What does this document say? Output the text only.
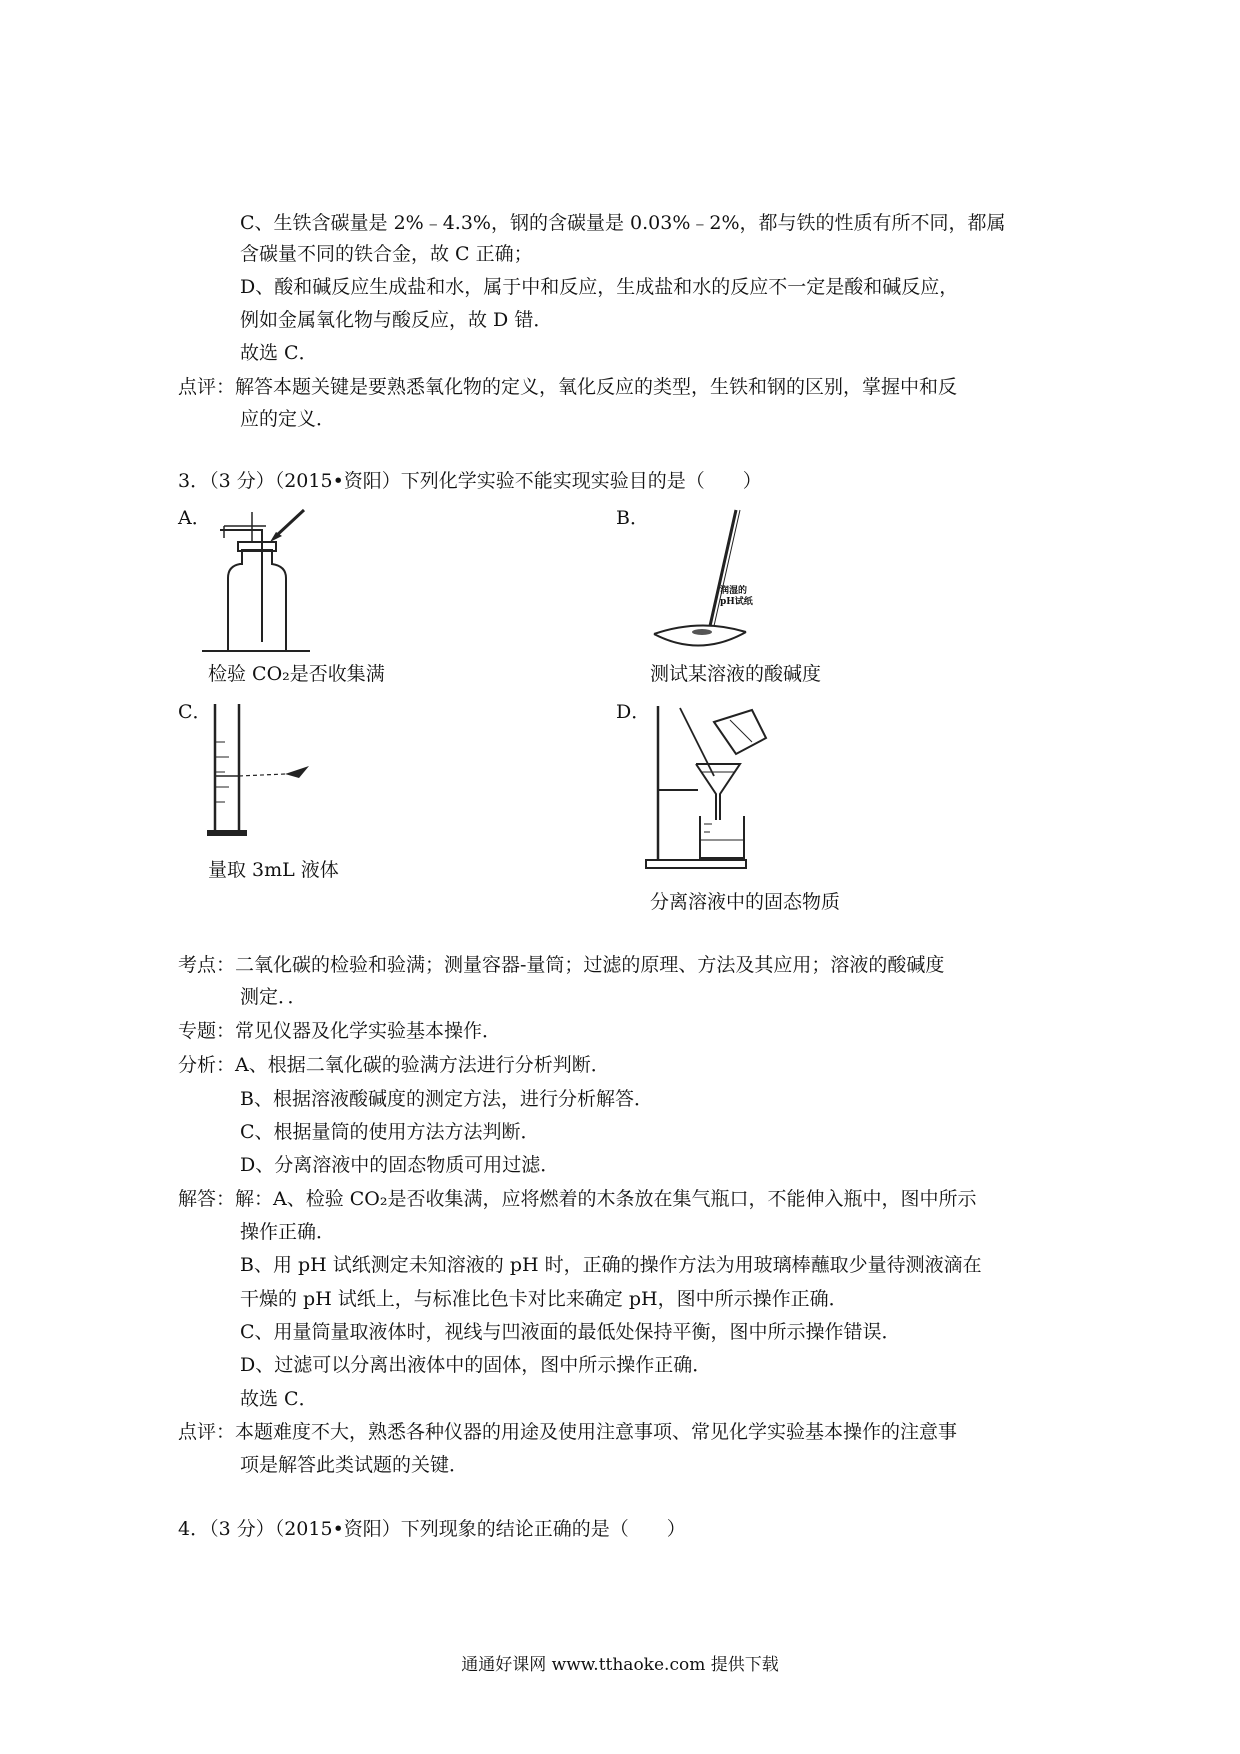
C、生铁含碳量是 2%﹣4.3%，钢的含碳量是 0.03%﹣2%，都与铁的性质有所不同，都属
含碳量不同的铁合金，故 C 正确；
D、酸和碱反应生成盐和水，属于中和反应，生成盐和水的反应不一定是酸和碱反应，
例如金属氧化物与酸反应，故 D 错．
故选 C．
点评：解答本题关键是要熟悉氧化物的定义，氧化反应的类型，生铁和钢的区别，掌握中和反
应的定义．
3．（3 分）（2015•资阳）下列化学实验不能实现实验目的是（　　）
A．
检验 CO₂是否收集满
B．
润湿的
pH试纸
测试某溶液的酸碱度
C．
量取 3mL 液体
D．
分离溶液中的固态物质
考点：二氧化碳的检验和验满；测量容器-量筒；过滤的原理、方法及其应用；溶液的酸碱度
测定．．
专题：常见仪器及化学实验基本操作．
分析：A、根据二氧化碳的验满方法进行分析判断．
B、根据溶液酸碱度的测定方法，进行分析解答．
C、根据量筒的使用方法方法判断．
D、分离溶液中的固态物质可用过滤．
解答：解：A、检验 CO₂是否收集满，应将燃着的木条放在集气瓶口，不能伸入瓶中，图中所示
操作正确．
B、用 pH 试纸测定未知溶液的 pH 时，正确的操作方法为用玻璃棒蘸取少量待测液滴在
干燥的 pH 试纸上，与标准比色卡对比来确定 pH，图中所示操作正确．
C、用量筒量取液体时，视线与凹液面的最低处保持平衡，图中所示操作错误．
D、过滤可以分离出液体中的固体，图中所示操作正确．
故选 C．
点评：本题难度不大，熟悉各种仪器的用途及使用注意事项、常见化学实验基本操作的注意事
项是解答此类试题的关键．
4．（3 分）（2015•资阳）下列现象的结论正确的是（　　）
通通好课网 www.tthaoke.com 提供下载
